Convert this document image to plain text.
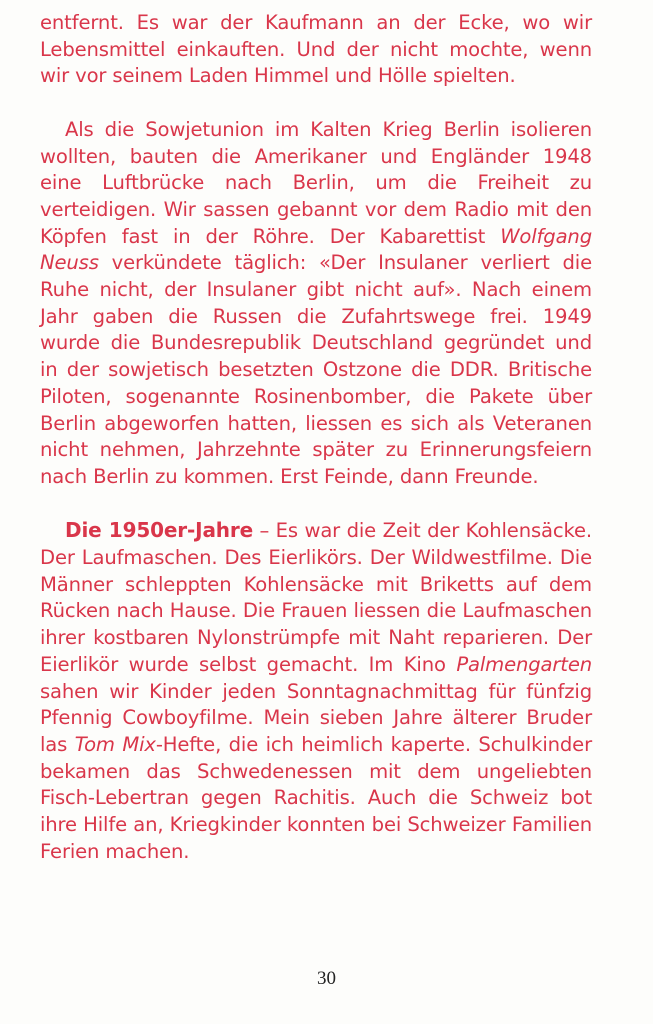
entfernt. Es war der Kaufmann an der Ecke, wo wir Lebensmittel einkauften. Und der nicht mochte, wenn wir vor seinem Laden Himmel und Hölle spielten.

Als die Sowjetunion im Kalten Krieg Berlin isolieren wollten, bauten die Amerikaner und Engländer 1948 eine Luftbrücke nach Berlin, um die Freiheit zu verteidigen. Wir sassen gebannt vor dem Radio mit den Köpfen fast in der Röhre. Der Kabarettist Wolfgang Neuss verkündete täglich: «Der Insulaner verliert die Ruhe nicht, der Insulaner gibt nicht auf». Nach einem Jahr gaben die Russen die Zufahrtswege frei. 1949 wurde die Bundesrepublik Deutschland gegründet und in der sowjetisch besetzten Ostzone die DDR. Britische Piloten, sogenannte Rosinenbomber, die Pakete über Berlin abgeworfen hatten, liessen es sich als Veteranen nicht nehmen, Jahrzehnte später zu Erinnerungsfeiern nach Berlin zu kommen. Erst Feinde, dann Freunde.

Die 1950er-Jahre – Es war die Zeit der Kohlensäcke. Der Laufmaschen. Des Eierlikörs. Der Wildwestfilme. Die Männer schleppten Kohlensäcke mit Briketts auf dem Rücken nach Hause. Die Frauen liessen die Laufmaschen ihrer kostbaren Nylonstrümpfe mit Naht reparieren. Der Eierlikör wurde selbst gemacht. Im Kino Palmengarten sahen wir Kinder jeden Sonntagnachmittag für fünfzig Pfennig Cowboyfilme. Mein sieben Jahre älterer Bruder las Tom Mix-Hefte, die ich heimlich kaperte. Schulkinder bekamen das Schwedenessen mit dem ungeliebten Fisch-Lebertran gegen Rachitis. Auch die Schweiz bot ihre Hilfe an, Kriegkinder konnten bei Schweizer Familien Ferien machen.

30
